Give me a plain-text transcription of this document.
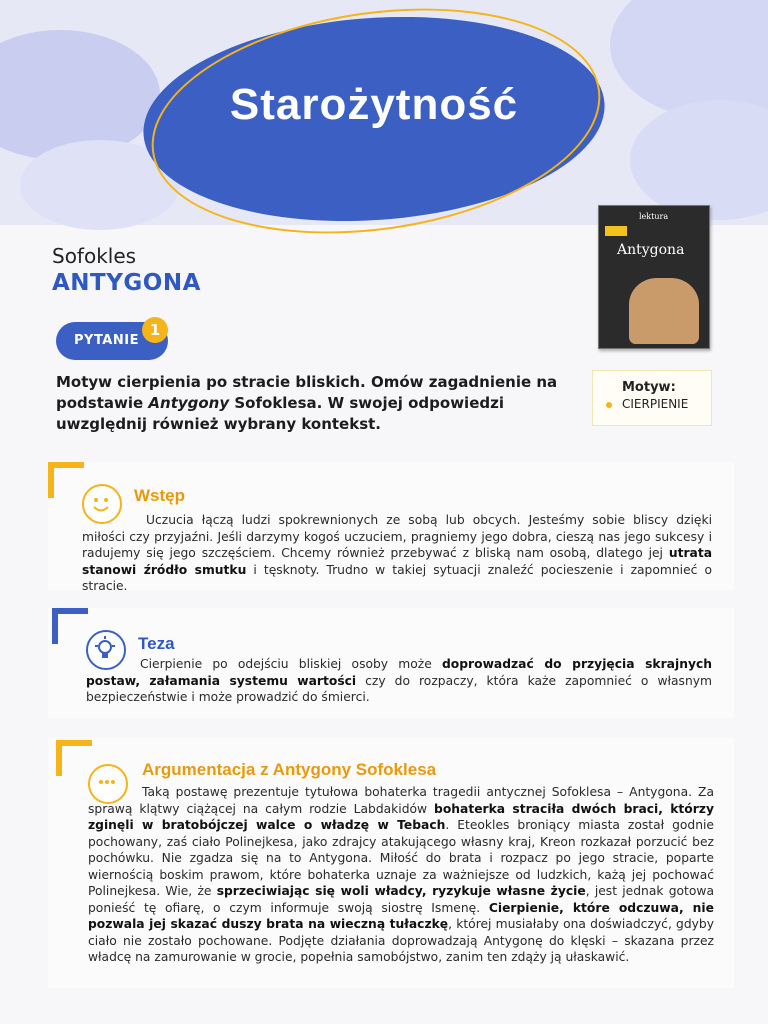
Starożytność
Sofokles
ANTYGONA
lektura
Antygona
PYTANIE
1
Motyw cierpienia po stracie bliskich. Omów zagadnienie na podstawie Antygony Sofoklesa. W swojej odpowiedzi uwzględnij również wybrany kontekst.
Motyw:
CIERPIENIE
Wstęp
Uczucia łączą ludzi spokrewnionych ze sobą lub obcych. Jesteśmy sobie bliscy dzięki miłości czy przyjaźni. Jeśli darzymy kogoś uczuciem, pragniemy jego dobra, cieszą nas jego sukcesy i radujemy się jego szczęściem. Chcemy również przebywać z bliską nam osobą, dlatego jej utrata stanowi źródło smutku i tęsknoty. Trudno w takiej sytuacji znaleźć pocieszenie i zapomnieć o stracie.
Teza
Cierpienie po odejściu bliskiej osoby może doprowadzać do przyjęcia skrajnych postaw, załamania systemu wartości czy do rozpaczy, która każe zapomnieć o własnym bezpieczeństwie i może prowadzić do śmierci.
Argumentacja z Antygony Sofoklesa
Taką postawę prezentuje tytułowa bohaterka tragedii antycznej Sofoklesa – Antygona. Za sprawą klątwy ciążącej na całym rodzie Labdakidów bohaterka straciła dwóch braci, którzy zginęli w bratobójczej walce o władzę w Tebach. Eteokles broniący miasta został godnie pochowany, zaś ciało Polinejkesa, jako zdrajcy atakującego własny kraj, Kreon rozkazał porzucić bez pochówku. Nie zgadza się na to Antygona. Miłość do brata i rozpacz po jego stracie, poparte wiernością boskim prawom, które bohaterka uznaje za ważniejsze od ludzkich, każą jej pochować Polinejkesa. Wie, że sprzeciwiając się woli władcy, ryzykuje własne życie, jest jednak gotowa ponieść tę ofiarę, o czym informuje swoją siostrę Ismenę. Cierpienie, które odczuwa, nie pozwala jej skazać duszy brata na wieczną tułaczkę, której musiałaby ona doświadczyć, gdyby ciało nie zostało pochowane. Podjęte działania doprowadzają Antygonę do klęski – skazana przez władcę na zamurowanie w grocie, popełnia samobójstwo, zanim ten zdąży ją ułaskawić.
